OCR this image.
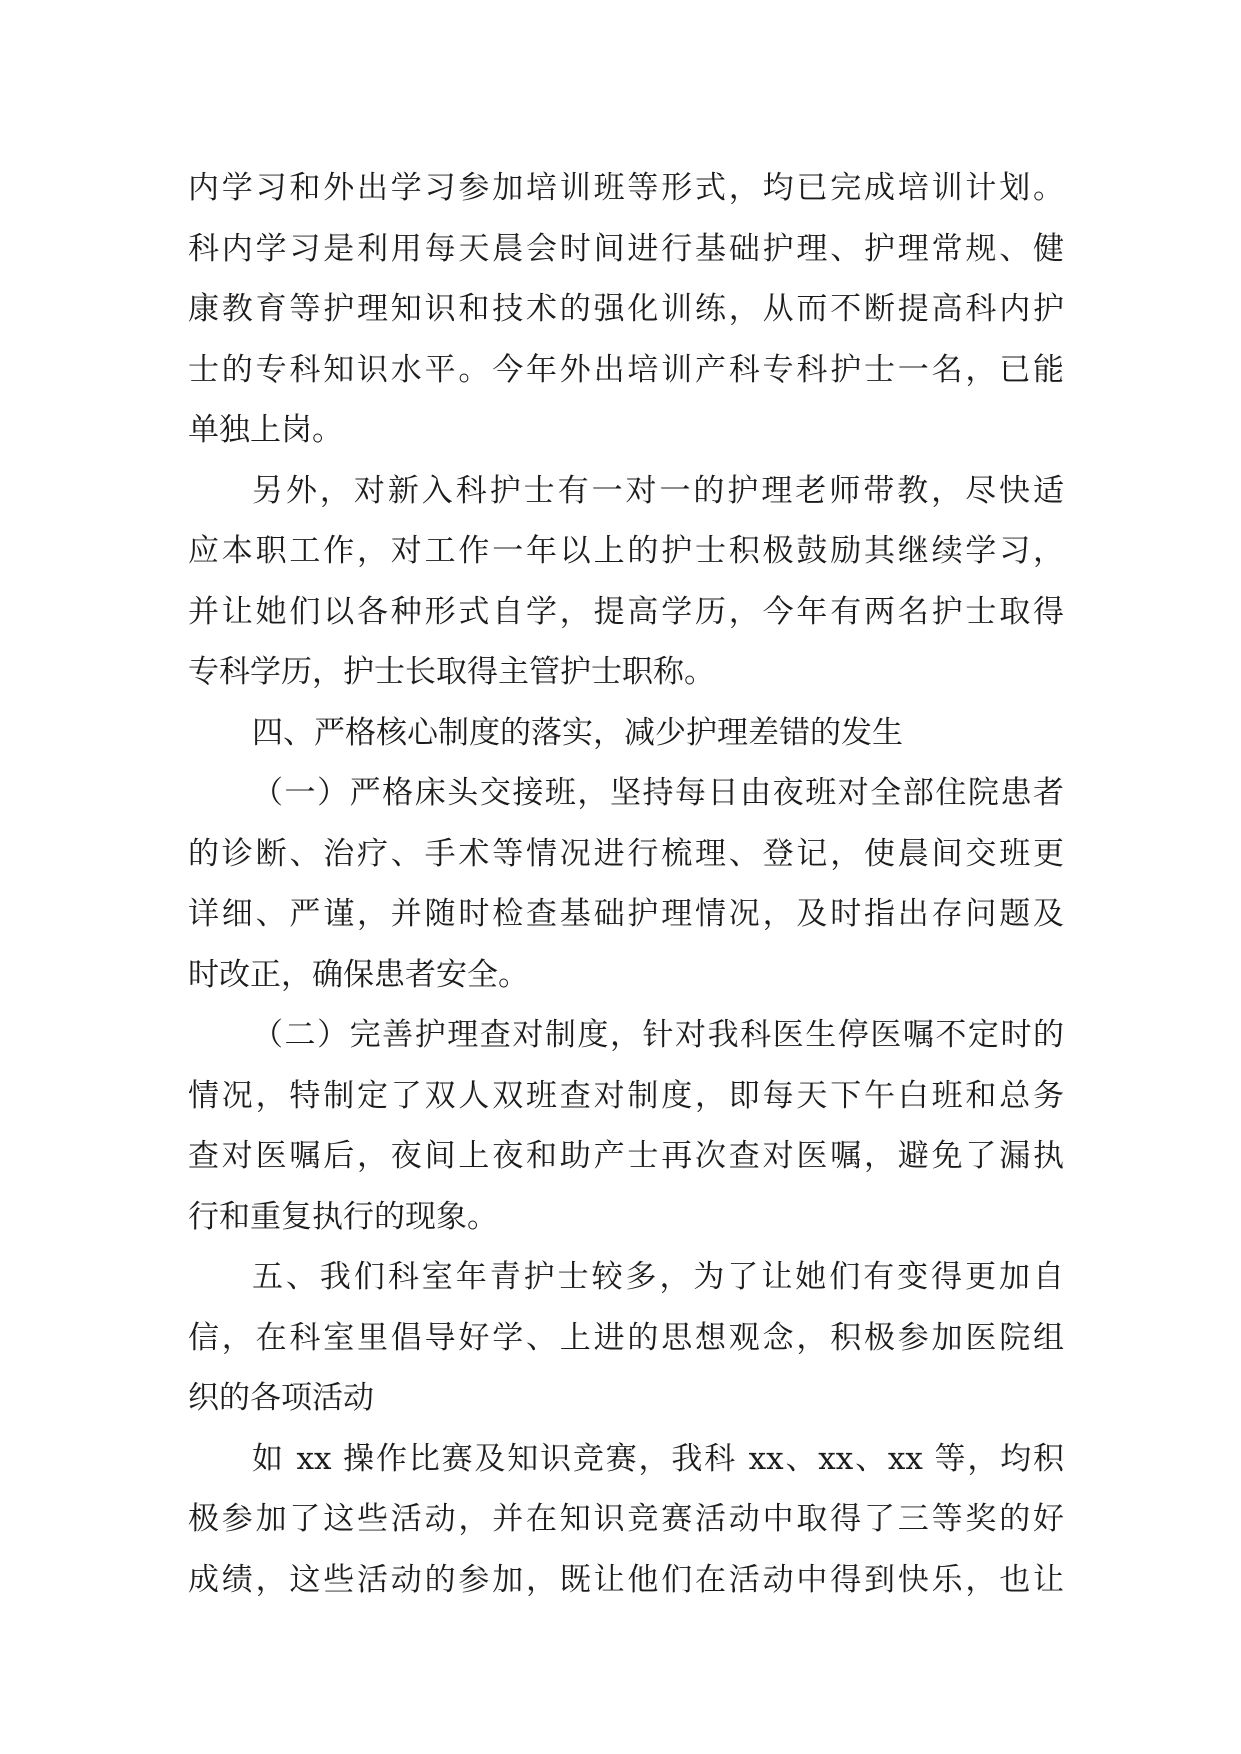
内学习和外出学习参加培训班等形式，均已完成培训计划。
科内学习是利用每天晨会时间进行基础护理、护理常规、健
康教育等护理知识和技术的强化训练，从而不断提高科内护
士的专科知识水平。今年外出培训产科专科护士一名，已能
单独上岗。
另外，对新入科护士有一对一的护理老师带教，尽快适
应本职工作，对工作一年以上的护士积极鼓励其继续学习，
并让她们以各种形式自学，提高学历，今年有两名护士取得
专科学历，护士长取得主管护士职称。
四、严格核心制度的落实，减少护理差错的发生
（一）严格床头交接班，坚持每日由夜班对全部住院患者
的诊断、治疗、手术等情况进行梳理、登记，使晨间交班更
详细、严谨，并随时检查基础护理情况，及时指出存问题及
时改正，确保患者安全。
（二）完善护理查对制度，针对我科医生停医嘱不定时的
情况，特制定了双人双班查对制度，即每天下午白班和总务
查对医嘱后，夜间上夜和助产士再次查对医嘱，避免了漏执
行和重复执行的现象。
五、我们科室年青护士较多，为了让她们有变得更加自
信，在科室里倡导好学、上进的思想观念，积极参加医院组
织的各项活动
如 xx 操作比赛及知识竞赛，我科 xx、xx、xx 等，均积
极参加了这些活动，并在知识竞赛活动中取得了三等奖的好
成绩，这些活动的参加，既让他们在活动中得到快乐，也让
